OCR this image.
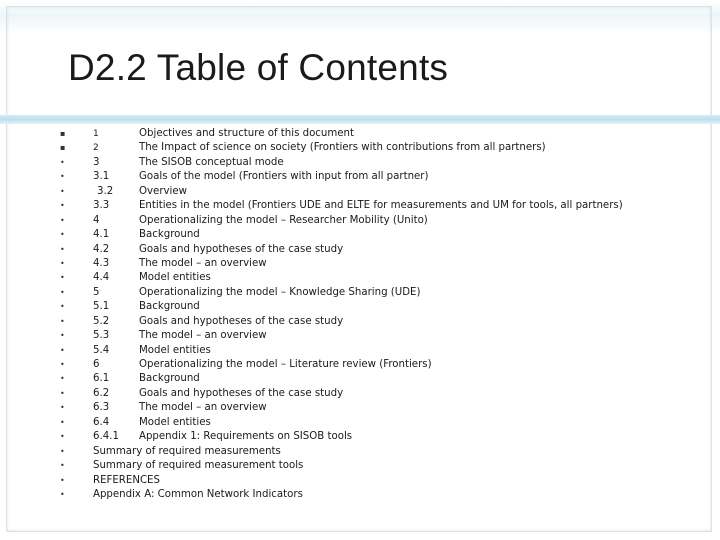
D2.2 Table of Contents
▪	1	Objectives and structure of this document
▪	2	The Impact of science on society (Frontiers with contributions from all partners)
•	3	The SISOB conceptual mode
•	3.1	Goals of the model (Frontiers with input from all partner)
•	3.2	Overview
•	3.3	Entities in the model (Frontiers UDE and ELTE for measurements and UM for tools, all partners)
•	4	Operationalizing the model – Researcher Mobility (Unito)
•	4.1	Background
•	4.2	Goals and hypotheses of the case study
•	4.3	The model – an overview
•	4.4	Model entities
•	5	Operationalizing the model – Knowledge Sharing (UDE)
•	5.1	Background
•	5.2	Goals and hypotheses of the case study
•	5.3	The model – an overview
•	5.4	Model entities
•	6	Operationalizing the model – Literature review (Frontiers)
•	6.1	Background
•	6.2	Goals and hypotheses of the case study
•	6.3	The model – an overview
•	6.4	Model entities
•	6.4.1	Appendix 1: Requirements on SISOB tools
•	Summary of required measurements
•	Summary of required measurement tools
•	REFERENCES
•	Appendix A: Common Network Indicators
